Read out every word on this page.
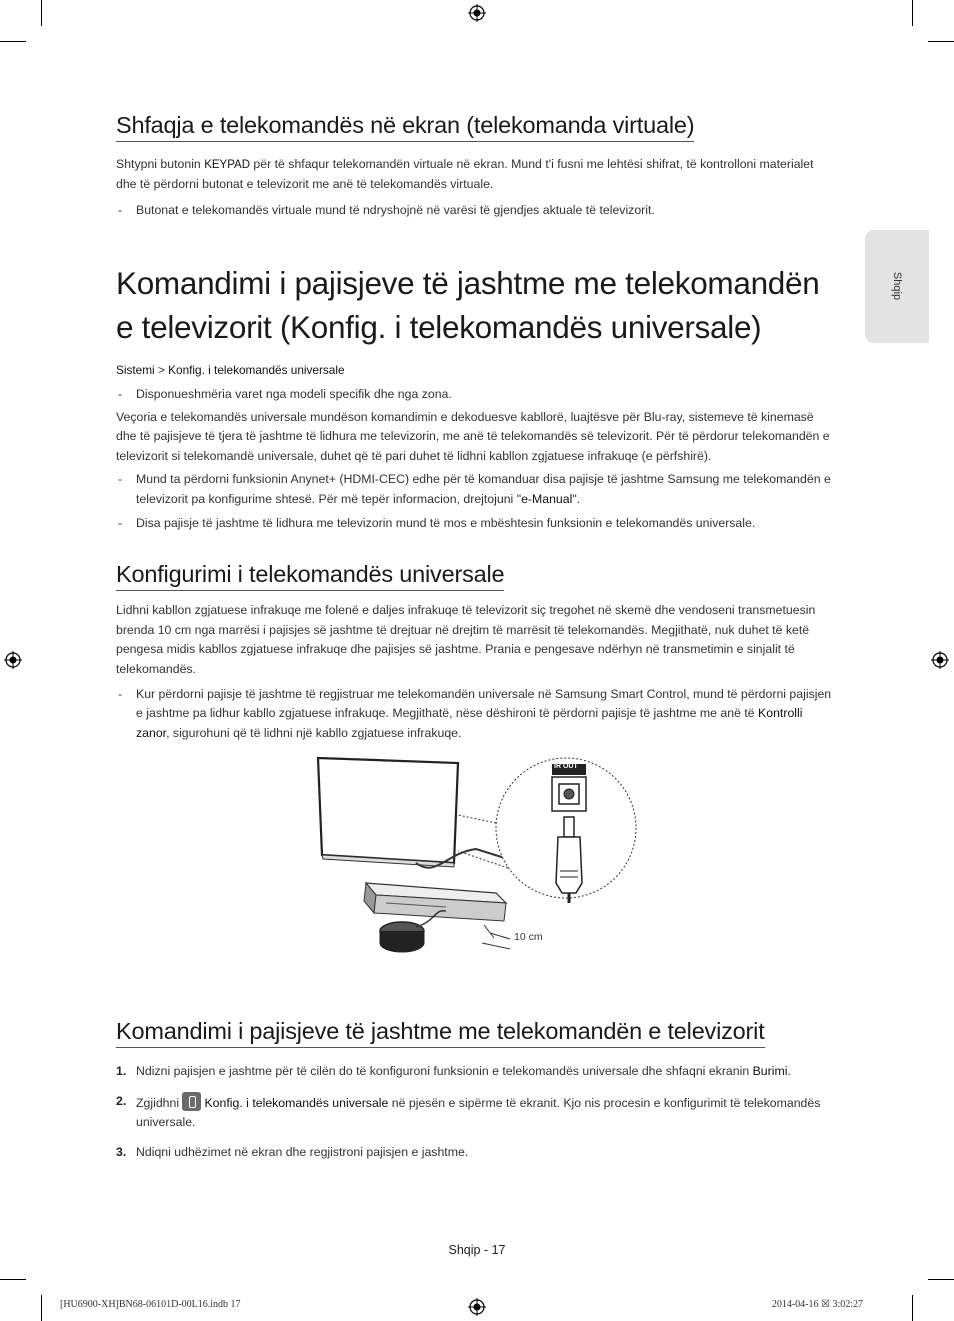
Shqip
Shfaqja e telekomandës në ekran (telekomanda virtuale)

Shtypni butonin KEYPAD për të shfaqur telekomandën virtuale në ekran. Mund t'i fusni me lehtësi shifrat, të kontrolloni materialet dhe të përdorni butonat e televizorit me anë të telekomandës virtuale.

- Butonat e telekomandës virtuale mund të ndryshojnë në varësi të gjendjes aktuale të televizorit.
Komandimi i pajisjeve të jashtme me telekomandën
e televizorit (Konfig. i telekomandës universale)

Sistemi > Konfig. i telekomandës universale

- Disponueshmëria varet nga modeli specifik dhe nga zona.

Veçoria e telekomandës universale mundëson komandimin e dekoduesve kabllorë, luajtësve për Blu-ray, sistemeve të kinemasë dhe të pajisjeve të tjera të jashtme të lidhura me televizorin, me anë të telekomandës së televizorit. Për të përdorur telekomandën e televizorit si telekomandë universale, duhet që të pari duhet të lidhni kabllon zgjatuese infrakuqe (e përfshirë).

- Mund ta përdorni funksionin Anynet+ (HDMI-CEC) edhe për të komanduar disa pajisje të jashtme Samsung me telekomandën e televizorit pa konfigurime shtesë. Për më tepër informacion, drejtojuni "e-Manual".
- Disa pajisje të jashtme të lidhura me televizorin mund të mos e mbështesin funksionin e telekomandës universale.
Konfigurimi i telekomandës universale

Lidhni kabllon zgjatuese infrakuqe me folenë e daljes infrakuqe të televizorit siç tregohet në skemë dhe vendoseni transmetuesin brenda 10 cm nga marrësi i pajisjes së jashtme të drejtuar në drejtim të marrësit të telekomandës. Megjithatë, nuk duhet të ketë pengesa midis kabllos zgjatuese infrakuqe dhe pajisjes së jashtme. Prania e pengesave ndërhyn në transmetimin e sinjalit të telekomandës.

- Kur përdorni pajisje të jashtme të regjistruar me telekomandën universale në Samsung Smart Control, mund të përdorni pajisjen e jashtme pa lidhur kabllo zgjatuese infrakuqe. Megjithatë, nëse dëshironi të përdorni pajisje të jashtme me anë të Kontrolli zanor, sigurohuni që të lidhni një kabllo zgjatuese infrakuqe.
IR OUT
10 cm
Komandimi i pajisjeve të jashtme me telekomandën e televizorit
1. Ndizni pajisjen e jashtme për të cilën do të konfiguroni funksionin e telekomandës universale dhe shfaqni ekranin Burimi.
2. Zgjidhni Konfig. i telekomandës universale në pjesën e sipërme të ekranit. Kjo nis procesin e konfigurimit të telekomandës universale.
3. Ndiqni udhëzimet në ekran dhe regjistroni pajisjen e jashtme.
Shqip - 17
[HU6900-XH]BN68-06101D-00L16.indb 17	2014-04-16 ☒ 3:02:27
